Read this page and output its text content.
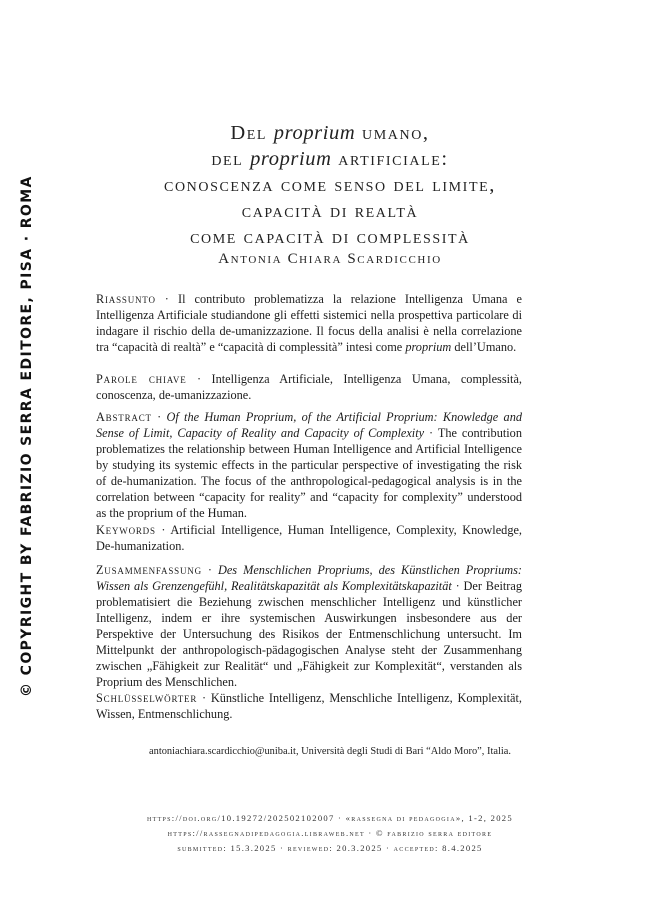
© COPYRIGHT BY FABRIZIO SERRA EDITORE, PISA · ROMA
Del proprium umano,
del proprium artificiale:
conoscenza come senso del limite,
capacità di realtà
come capacità di complessità
Antonia Chiara Scardicchio
Riassunto · Il contributo problematizza la relazione Intelligenza Umana e Intelligenza Artificiale studiandone gli effetti sistemici nella prospettiva particolare di indagare il rischio della de-umanizzazione. Il focus della analisi è nella correlazione tra “capacità di realtà” e “capacità di complessità” intesi come proprium dell’Umano.
Parole chiave · Intelligenza Artificiale, Intelligenza Umana, complessità, conoscenza, de-umanizzazione.
Abstract · Of the Human Proprium, of the Artificial Proprium: Knowledge and Sense of Limit, Capacity of Reality and Capacity of Complexity · The contribution problematizes the relationship between Human Intelligence and Artificial Intelligence by studying its systemic effects in the particular perspective of investigating the risk of de-humanization. The focus of the anthropological-pedagogical analysis is in the correlation between “capacity for reality” and “capacity for complexity” understood as the proprium of the Human.
Keywords · Artificial Intelligence, Human Intelligence, Complexity, Knowledge, De-humanization.
Zusammenfassung · Des Menschlichen Propriums, des Künstlichen Propriums: Wissen als Grenzengefühl, Realitätskapazität als Komplexitätskapazität · Der Beitrag problematisiert die Beziehung zwischen menschlicher Intelligenz und künstlicher Intelligenz, indem er ihre systemischen Auswirkungen insbesondere aus der Perspektive der Untersuchung des Risikos der Entmenschlichung untersucht. Im Mittelpunkt der anthropologisch-pädagogischen Analyse steht der Zusammenhang zwischen „Fähigkeit zur Realität“ und „Fähigkeit zur Komplexität“, verstanden als Proprium des Menschlichen.
Schlüsselwörter · Künstliche Intelligenz, Menschliche Intelligenz, Komplexität, Wissen, Entmenschlichung.
antoniachiara.scardicchio@uniba.it, Università degli Studi di Bari “Aldo Moro”, Italia.
https://doi.org/10.19272/202502102007 · «rassegna di pedagogia», 1-2, 2025
https://rassegnadipedagogia.libraweb.net · © fabrizio serra editore
submitted: 15.3.2025 · reviewed: 20.3.2025 · accepted: 8.4.2025
